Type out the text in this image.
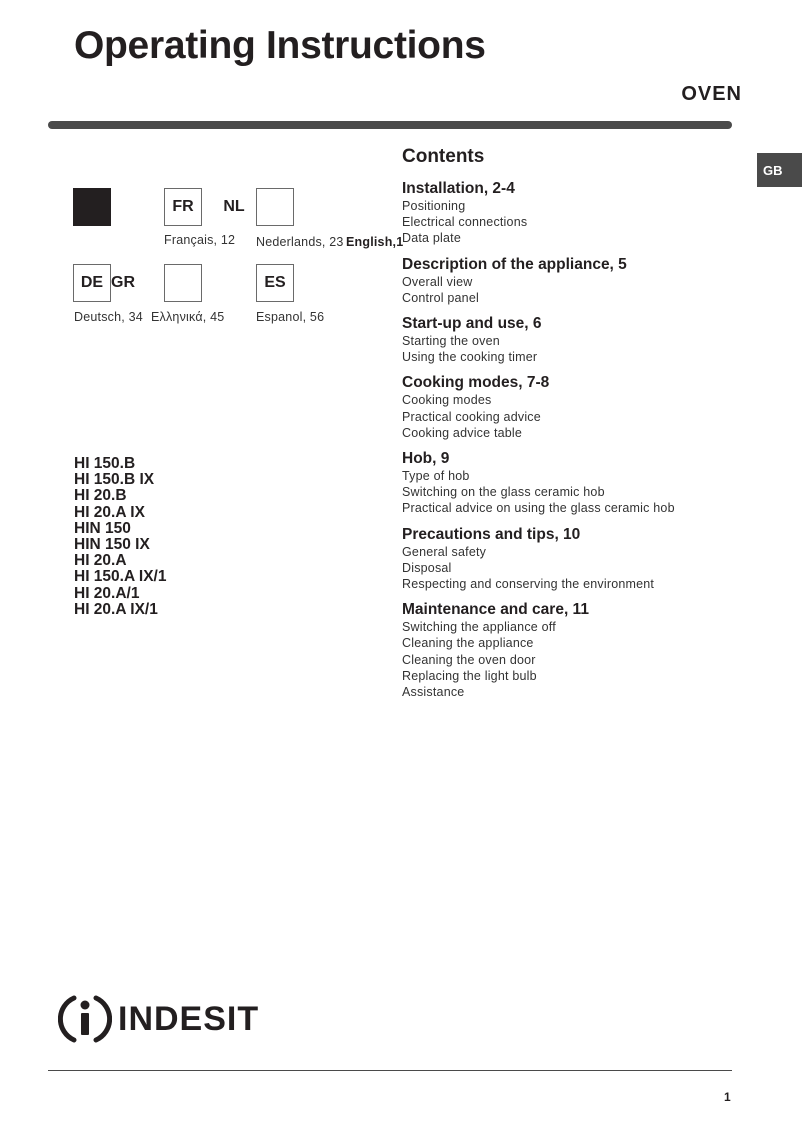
Operating Instructions
OVEN
GB
FR	NL
Français, 12 Nederlands, 23 English,1
DE GR	ES
Deutsch, 34 Ελληνικά, 45	Espanol, 56
HI 150.B
HI 150.B IX
HI 20.B
HI 20.A IX
HIN 150
HIN 150 IX
HI 20.A
HI 150.A IX/1
HI 20.A/1
HI 20.A IX/1
Contents
Installation, 2-4
Positioning
Electrical connections
Data plate
Description of the appliance, 5
Overall view
Control panel
Start-up and use, 6
Starting the oven
Using the cooking timer
Cooking modes, 7-8
Cooking modes
Practical cooking advice
Cooking advice table
Hob, 9
Type of hob
Switching on the glass ceramic hob
Practical advice on using the glass ceramic hob
Precautions and tips, 10
General safety
Disposal
Respecting and conserving the environment
Maintenance and care, 11
Switching the appliance off
Cleaning the appliance
Cleaning the oven door
Replacing the light bulb
Assistance
INDESIT
1
